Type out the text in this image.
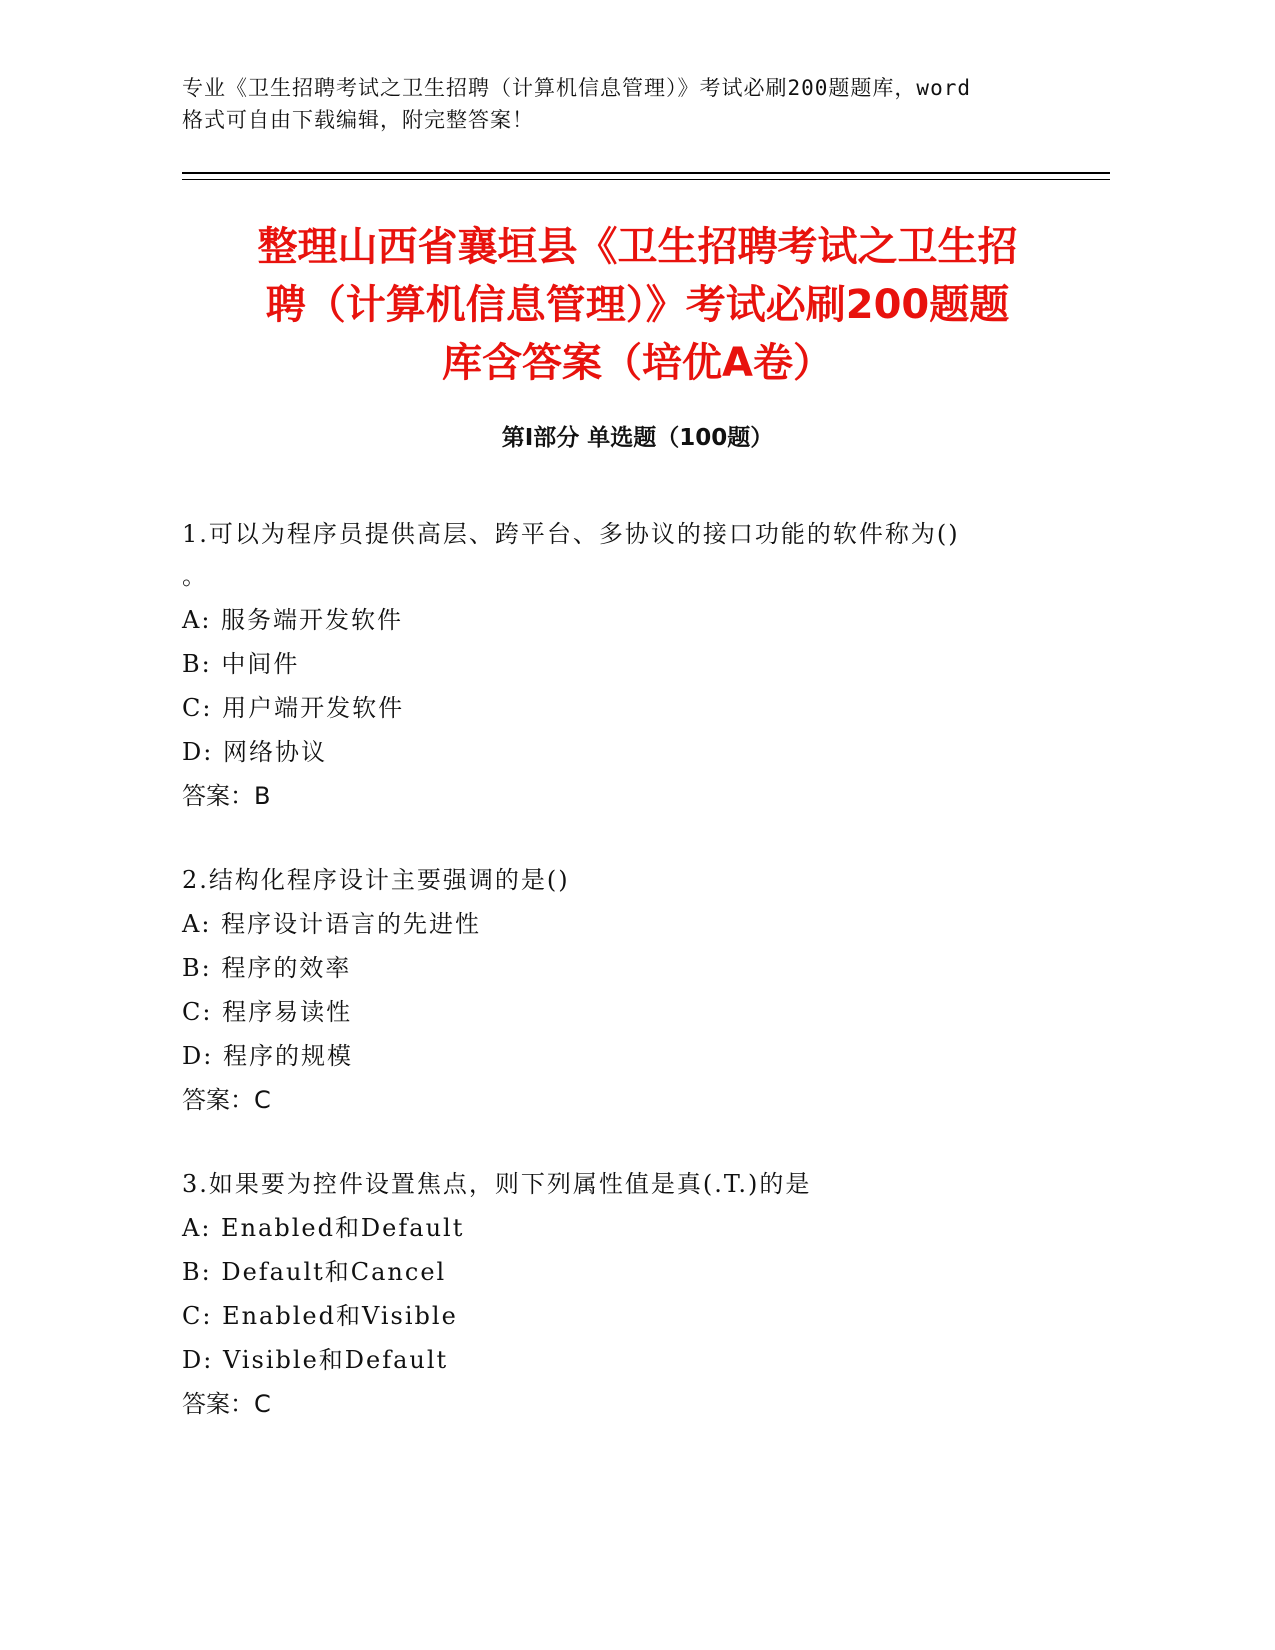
专业《卫生招聘考试之卫生招聘（计算机信息管理）》考试必刷200题题库，word
格式可自由下载编辑，附完整答案！
整理山西省襄垣县《卫生招聘考试之卫生招
聘（计算机信息管理）》考试必刷200题题
库含答案（培优A卷）
第I部分 单选题（100题）

1.可以为程序员提供高层、跨平台、多协议的接口功能的软件称为()

。

A: 服务端开发软件

B: 中间件

C: 用户端开发软件

D: 网络协议

答案：B

2.结构化程序设计主要强调的是()

A: 程序设计语言的先进性

B: 程序的效率

C: 程序易读性

D: 程序的规模

答案：C

3.如果要为控件设置焦点，则下列属性值是真(.T.)的是

A: Enabled和Default

B: Default和Cancel

C: Enabled和Visible

D: Visible和Default

答案：C
